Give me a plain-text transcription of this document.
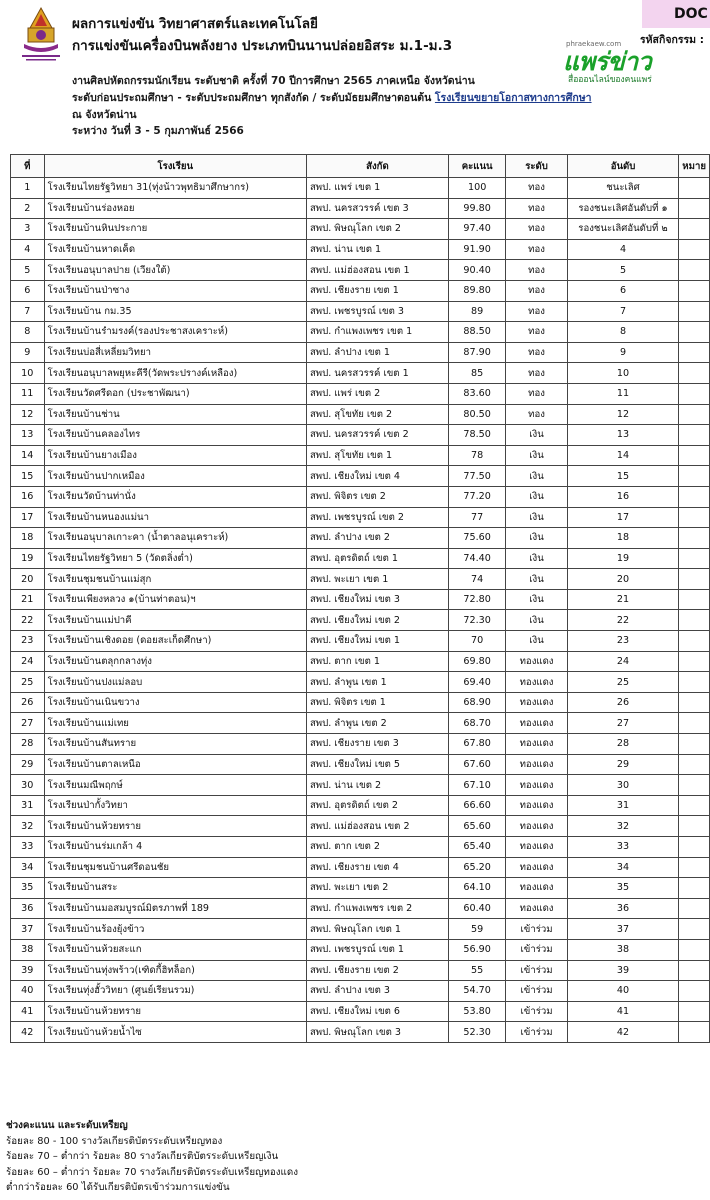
ผลการแข่งขัน วิทยาศาสตร์และเทคโนโลยี
การแข่งขันเครื่องบินพลังยาง ประเภทบินนานปล่อยอิสระ ม.1-ม.3
DOC
รหัสกิจกรรม :
phraekaew.com
แพร่ข่าว
สื่อออนไลน์ของคนแพร่
งานศิลปหัตถกรรมนักเรียน ระดับชาติ ครั้งที่ 70 ปีการศึกษา 2565 ภาคเหนือ จังหวัดน่าน
ระดับก่อนประถมศึกษา - ระดับประถมศึกษา ทุกสังกัด / ระดับมัธยมศึกษาตอนต้น โรงเรียนขยายโอกาสทางการศึกษา
ณ จังหวัดน่าน
ระหว่าง วันที่ 3 - 5 กุมภาพันธ์ 2566
ที่	โรงเรียน	สังกัด	คะแนน	ระดับ	อันดับ	หมาย
1	โรงเรียนไทยรัฐวิทยา 31(ทุ่งน้าวพุทธิมาศึกษากร)	สพป. แพร่ เขต 1	100	ทอง	ชนะเลิศ	
2	โรงเรียนบ้านร่องหอย	สพป. นครสวรรค์ เขต 3	99.80	ทอง	รองชนะเลิศอันดับที่ ๑	
3	โรงเรียนบ้านหินประกาย	สพป. พิษณุโลก เขต 2	97.40	ทอง	รองชนะเลิศอันดับที่ ๒	
4	โรงเรียนบ้านหาดเค็ด	สพป. น่าน เขต 1	91.90	ทอง	4	
5	โรงเรียนอนุบาลปาย (เวียงใต้)	สพป. แม่ฮ่องสอน เขต 1	90.40	ทอง	5	
6	โรงเรียนบ้านป่าซาง	สพป. เชียงราย เขต 1	89.80	ทอง	6	
7	โรงเรียนบ้าน กม.35	สพป. เพชรบูรณ์ เขต 3	89	ทอง	7	
8	โรงเรียนบ้านรำมรงค์(รองประชาสงเคราะห์)	สพป. กำแพงเพชร เขต 1	88.50	ทอง	8	
9	โรงเรียนบ่อสี่เหลี่ยมวิทยา	สพป. ลำปาง เขต 1	87.90	ทอง	9	
10	โรงเรียนอนุบาลพยุหะคีรี(วัดพระปรางค์เหลือง)	สพป. นครสวรรค์ เขต 1	85	ทอง	10	
11	โรงเรียนวัดศรีดอก (ประชาพัฒนา)	สพป. แพร่ เขต 2	83.60	ทอง	11	
12	โรงเรียนบ้านช่าน	สพป. สุโขทัย เขต 2	80.50	ทอง	12	
13	โรงเรียนบ้านคลองไทร	สพป. นครสวรรค์ เขต 2	78.50	เงิน	13	
14	โรงเรียนบ้านยางเมือง	สพป. สุโขทัย เขต 1	78	เงิน	14	
15	โรงเรียนบ้านปากเหมือง	สพป. เชียงใหม่ เขต 4	77.50	เงิน	15	
16	โรงเรียนวัดบ้านท่านั่ง	สพป. พิจิตร เขต 2	77.20	เงิน	16	
17	โรงเรียนบ้านหนองแม่นา	สพป. เพชรบูรณ์ เขต 2	77	เงิน	17	
18	โรงเรียนอนุบาลเกาะคา (น้ำตาลอนุเคราะห์)	สพป. ลำปาง เขต 2	75.60	เงิน	18	
19	โรงเรียนไทยรัฐวิทยา 5 (วัดตลิ่งต่ำ)	สพป. อุตรดิตถ์ เขต 1	74.40	เงิน	19	
20	โรงเรียนชุมชนบ้านแม่สุก	สพป. พะเยา เขต 1	74	เงิน	20	
21	โรงเรียนเพียงหลวง ๑(บ้านท่าตอน)ฯ	สพป. เชียงใหม่ เขต 3	72.80	เงิน	21	
22	โรงเรียนบ้านแม่ปาคี	สพป. เชียงใหม่ เขต 2	72.30	เงิน	22	
23	โรงเรียนบ้านเชิงดอย (ดอยสะเก็ดศึกษา)	สพป. เชียงใหม่ เขต 1	70	เงิน	23	
24	โรงเรียนบ้านตลุกกลางทุ่ง	สพป. ตาก เขต 1	69.80	ทองแดง	24	
25	โรงเรียนบ้านปงแม่ลอบ	สพป. ลำพูน เขต 1	69.40	ทองแดง	25	
26	โรงเรียนบ้านเนินขวาง	สพป. พิจิตร เขต 1	68.90	ทองแดง	26	
27	โรงเรียนบ้านแม่เทย	สพป. ลำพูน เขต 2	68.70	ทองแดง	27	
28	โรงเรียนบ้านสันทราย	สพป. เชียงราย เขต 3	67.80	ทองแดง	28	
29	โรงเรียนบ้านตาลเหนือ	สพป. เชียงใหม่ เขต 5	67.60	ทองแดง	29	
30	โรงเรียนมณีพฤกษ์	สพป. น่าน เขต 2	67.10	ทองแดง	30	
31	โรงเรียนป่ากั้งวิทยา	สพป. อุตรดิตถ์ เขต 2	66.60	ทองแดง	31	
32	โรงเรียนบ้านห้วยทราย	สพป. แม่ฮ่องสอน เขต 2	65.60	ทองแดง	32	
33	โรงเรียนบ้านร่มเกล้า 4	สพป. ตาก เขต 2	65.40	ทองแดง	33	
34	โรงเรียนชุมชนบ้านศรีดอนชัย	สพป. เชียงราย เขต 4	65.20	ทองแดง	34	
35	โรงเรียนบ้านสระ	สพป. พะเยา เขต 2	64.10	ทองแดง	35	
36	โรงเรียนบ้านมอสมบูรณ์มิตรภาพที่ 189	สพป. กำแพงเพชร เขต 2	60.40	ทองแดง	36	
37	โรงเรียนบ้านร้องยุ้งข้าว	สพป. พิษณุโลก เขต 1	59	เข้าร่วม	37	
38	โรงเรียนบ้านห้วยสะแก	สพป. เพชรบูรณ์ เขต 1	56.90	เข้าร่วม	38	
39	โรงเรียนบ้านทุ่งพร้าว(เฑิดกี้ฮิทล็อก)	สพป. เชียงราย เขต 2	55	เข้าร่วม	39	
40	โรงเรียนทุ่งฮั้ววิทยา (ศูนย์เรียนรวม)	สพป. ลำปาง เขต 3	54.70	เข้าร่วม	40	
41	โรงเรียนบ้านห้วยทราย	สพป. เชียงใหม่ เขต 6	53.80	เข้าร่วม	41	
42	โรงเรียนบ้านห้วยน้ำไซ	สพป. พิษณุโลก เขต 3	52.30	เข้าร่วม	42	
ช่วงคะแนน และระดับเหรียญ
ร้อยละ 80 - 100 รางวัลเกียรติบัตรระดับเหรียญทอง
ร้อยละ 70 – ต่ำกว่า ร้อยละ 80 รางวัลเกียรติบัตรระดับเหรียญเงิน
ร้อยละ 60 – ต่ำกว่า ร้อยละ 70 รางวัลเกียรติบัตรระดับเหรียญทองแดง
ต่ำกว่าร้อยละ 60 ได้รับเกียรติบัตรเข้าร่วมการแข่งขัน
